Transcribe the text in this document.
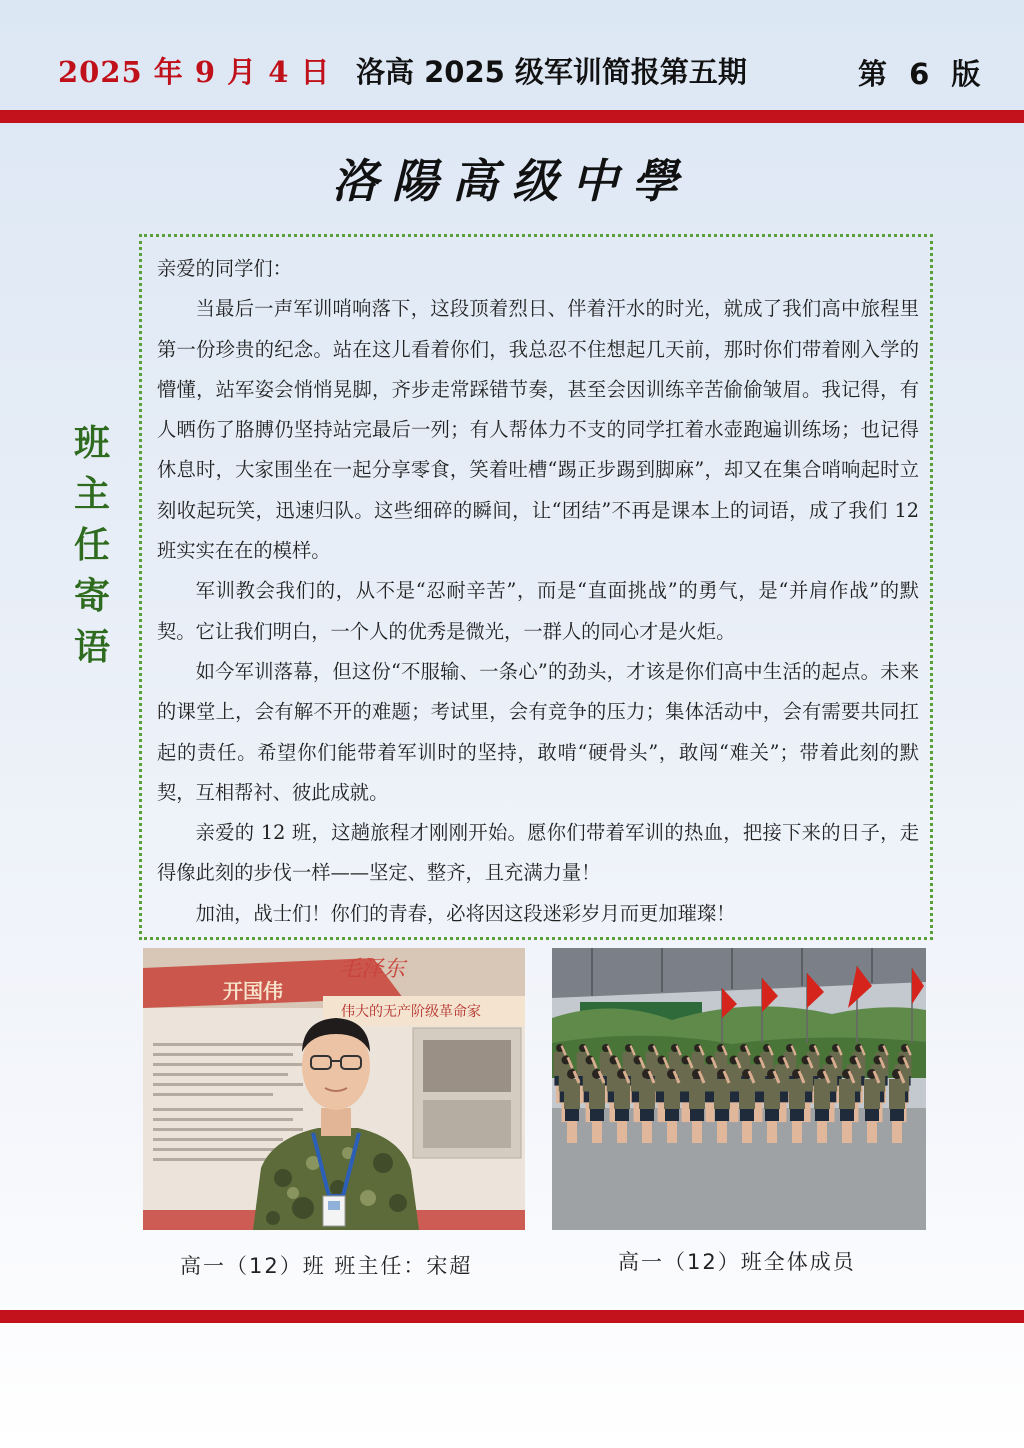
2025 年 9 月 4 日 洛高 2025 级军训简报第五期	第 6 版
洛陽高级中學
班
主
任
寄
语

亲爱的同学们：

当最后一声军训哨响落下，这段顶着烈日、伴着汗水的时光，就成了我们高中旅程里第一份珍贵的纪念。站在这儿看着你们，我总忍不住想起几天前，那时你们带着刚入学的懵懂，站军姿会悄悄晃脚，齐步走常踩错节奏，甚至会因训练辛苦偷偷皱眉。我记得，有人晒伤了胳膊仍坚持站完最后一列；有人帮体力不支的同学扛着水壶跑遍训练场；也记得休息时，大家围坐在一起分享零食，笑着吐槽“踢正步踢到脚麻”，却又在集合哨响起时立刻收起玩笑，迅速归队。这些细碎的瞬间，让“团结”不再是课本上的词语，成了我们 12 班实实在在的模样。

军训教会我们的，从不是“忍耐辛苦”，而是“直面挑战”的勇气，是“并肩作战”的默契。它让我们明白，一个人的优秀是微光，一群人的同心才是火炬。

如今军训落幕，但这份“不服输、一条心”的劲头，才该是你们高中生活的起点。未来的课堂上，会有解不开的难题；考试里，会有竞争的压力；集体活动中，会有需要共同扛起的责任。希望你们能带着军训时的坚持，敢啃“硬骨头”，敢闯“难关”；带着此刻的默契，互相帮衬、彼此成就。

亲爱的 12 班，这趟旅程才刚刚开始。愿你们带着军训的热血，把接下来的日子，走得像此刻的步伐一样——坚定、整齐，且充满力量！

加油，战士们！你们的青春，必将因这段迷彩岁月而更加璀璨！

开国伟
毛泽东
伟大的无产阶级革命家
高一（12）班 班主任：宋超	高一（12）班全体成员
